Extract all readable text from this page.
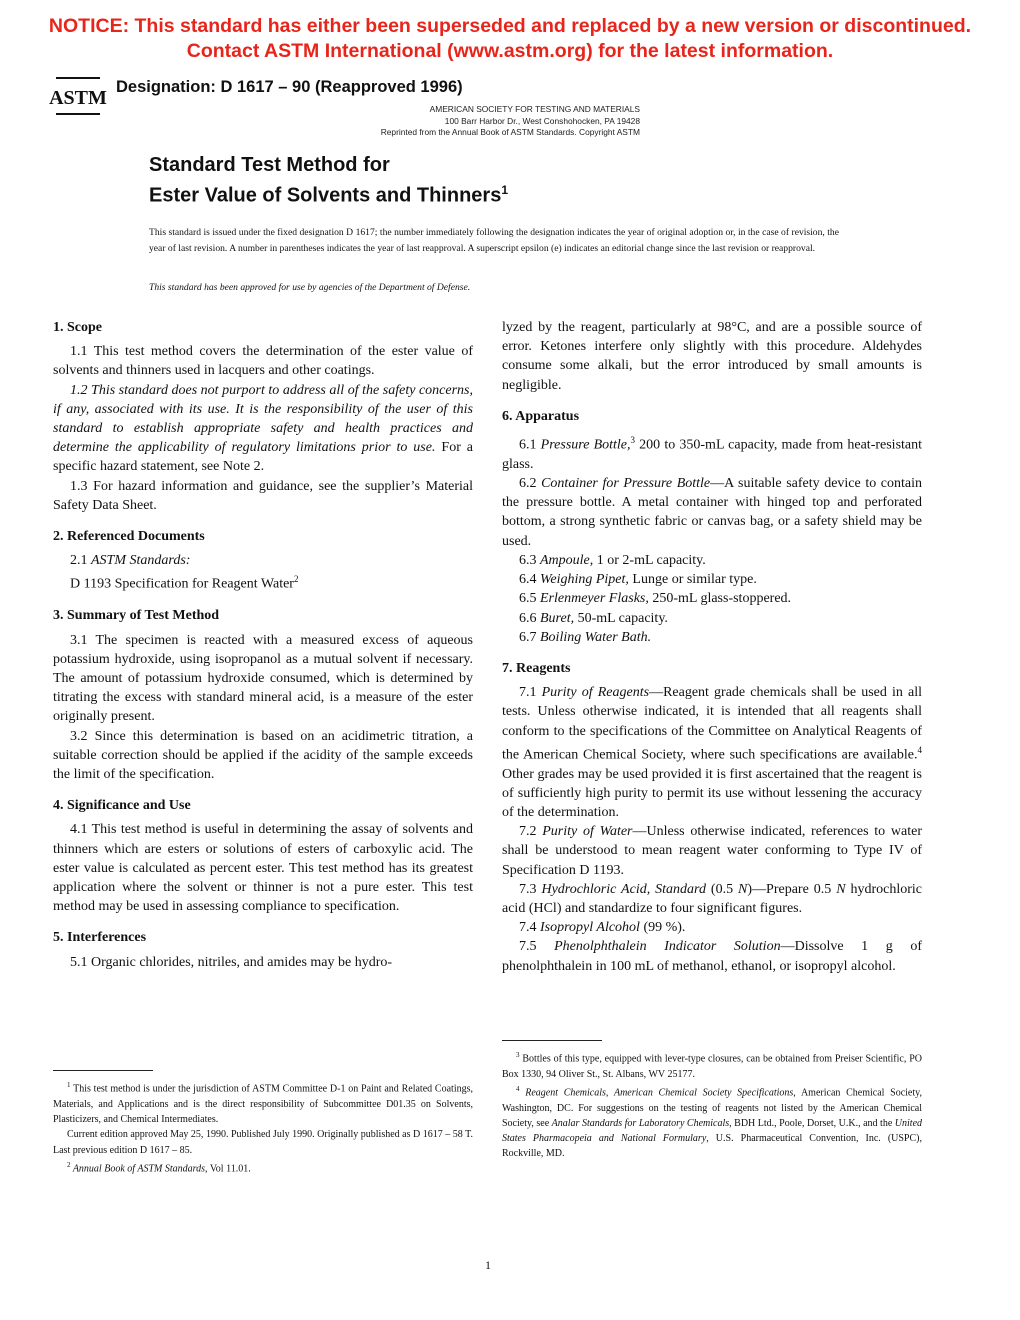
NOTICE: This standard has either been superseded and replaced by a new version or discontinued.
Contact ASTM International (www.astm.org) for the latest information.
ASTM Designation: D 1617 – 90 (Reapproved 1996)
AMERICAN SOCIETY FOR TESTING AND MATERIALS
100 Barr Harbor Dr., West Conshohocken, PA 19428
Reprinted from the Annual Book of ASTM Standards. Copyright ASTM
Standard Test Method for
Ester Value of Solvents and Thinners$^1$
This standard is issued under the fixed designation D 1617; the number immediately following the designation indicates the year of original adoption or, in the case of revision, the year of last revision. A number in parentheses indicates the year of last reapproval. A superscript epsilon (e) indicates an editorial change since the last revision or reapproval.
This standard has been approved for use by agencies of the Department of Defense.
1. Scope

1.1 This test method covers the determination of the ester value of solvents and thinners used in lacquers and other coatings.

1.2 This standard does not purport to address all of the safety concerns, if any, associated with its use. It is the responsibility of the user of this standard to establish appropriate safety and health practices and determine the applicability of regulatory limitations prior to use. For a specific hazard statement, see Note 2.

1.3 For hazard information and guidance, see the supplier’s Material Safety Data Sheet.

2. Referenced Documents

2.1 ASTM Standards:

D 1193 Specification for Reagent Water$^2$

3. Summary of Test Method

3.1 The specimen is reacted with a measured excess of aqueous potassium hydroxide, using isopropanol as a mutual solvent if necessary. The amount of potassium hydroxide consumed, which is determined by titrating the excess with standard mineral acid, is a measure of the ester originally present.

3.2 Since this determination is based on an acidimetric titration, a suitable correction should be applied if the acidity of the sample exceeds the limit of the specification.

4. Significance and Use

4.1 This test method is useful in determining the assay of solvents and thinners which are esters or solutions of esters of carboxylic acid. The ester value is calculated as percent ester. This test method has its greatest application where the solvent or thinner is not a pure ester. This test method may be used in assessing compliance to specification.

5. Interferences

5.1 Organic chlorides, nitriles, and amides may be hydro-

lyzed by the reagent, particularly at 98°C, and are a possible source of error. Ketones interfere only slightly with this procedure. Aldehydes consume some alkali, but the error introduced by small amounts is negligible.

6. Apparatus

6.1 Pressure Bottle,$^3$ 200 to 350-mL capacity, made from heat-resistant glass.

6.2 Container for Pressure Bottle—A suitable safety device to contain the pressure bottle. A metal container with hinged top and perforated bottom, a strong synthetic fabric or canvas bag, or a safety shield may be used.

6.3 Ampoule, 1 or 2-mL capacity.

6.4 Weighing Pipet, Lunge or similar type.

6.5 Erlenmeyer Flasks, 250-mL glass-stoppered.

6.6 Buret, 50-mL capacity.

6.7 Boiling Water Bath.

7. Reagents

7.1 Purity of Reagents—Reagent grade chemicals shall be used in all tests. Unless otherwise indicated, it is intended that all reagents shall conform to the specifications of the Committee on Analytical Reagents of the American Chemical Society, where such specifications are available.$^4$ Other grades may be used provided it is first ascertained that the reagent is of sufficiently high purity to permit its use without lessening the accuracy of the determination.

7.2 Purity of Water—Unless otherwise indicated, references to water shall be understood to mean reagent water conforming to Type IV of Specification D 1193.

7.3 Hydrochloric Acid, Standard (0.5 N)—Prepare 0.5 N hydrochloric acid (HCl) and standardize to four significant figures.

7.4 Isopropyl Alcohol (99 %).

7.5 Phenolphthalein Indicator Solution—Dissolve 1 g of phenolphthalein in 100 mL of methanol, ethanol, or isopropyl alcohol.

$^1$ This test method is under the jurisdiction of ASTM Committee D-1 on Paint and Related Coatings, Materials, and Applications and is the direct responsibility of Subcommittee D01.35 on Solvents, Plasticizers, and Chemical Intermediates.

Current edition approved May 25, 1990. Published July 1990. Originally published as D 1617 – 58 T. Last previous edition D 1617 – 85.

$^2$ Annual Book of ASTM Standards, Vol 11.01.

$^3$ Bottles of this type, equipped with lever-type closures, can be obtained from Preiser Scientific, PO Box 1330, 94 Oliver St., St. Albans, WV 25177.

$^4$ Reagent Chemicals, American Chemical Society Specifications, American Chemical Society, Washington, DC. For suggestions on the testing of reagents not listed by the American Chemical Society, see Analar Standards for Laboratory Chemicals, BDH Ltd., Poole, Dorset, U.K., and the United States Pharmacopeia and National Formulary, U.S. Pharmaceutical Convention, Inc. (USPC), Rockville, MD.

1
